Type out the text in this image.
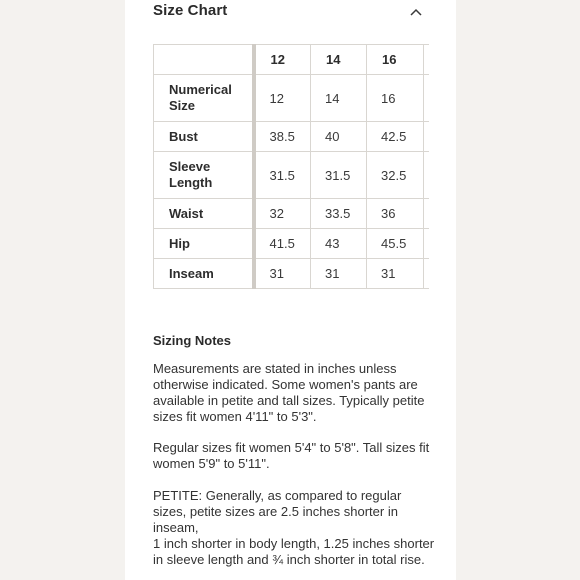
Size Chart
	12	14	16	
Numerical Size	12	14	16	
Bust	38.5	40	42.5	
Sleeve Length	31.5	31.5	32.5	
Waist	32	33.5	36	
Hip	41.5	43	45.5	
Inseam	31	31	31	
Sizing Notes
Measurements are stated in inches unless otherwise indicated. Some women's pants are available in petite and tall sizes. Typically petite sizes fit women 4'11" to 5'3".
Regular sizes fit women 5'4" to 5'8". Tall sizes fit women 5'9" to 5'11".
PETITE: Generally, as compared to regular sizes, petite sizes are 2.5 inches shorter in inseam,
1 inch shorter in body length, 1.25 inches shorter in sleeve length and ¾ inch shorter in total rise.
